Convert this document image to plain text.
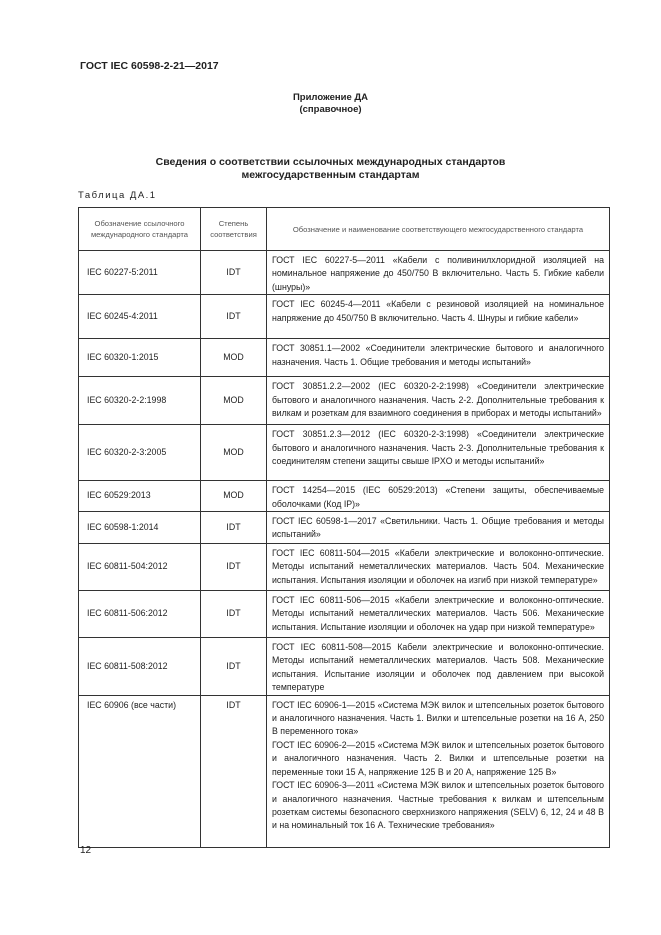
ГОСТ IEC 60598-2-21—2017
Приложение ДА
(справочное)
Сведения о соответствии ссылочных международных стандартов
межгосударственным стандартам
Таблица ДА.1
Обозначение ссылочного международного стандарта	Степень соответствия	Обозначение и наименование соответствующего межгосударственного стандарта
IEC 60227-5:2011	IDT	ГОСТ IEC 60227-5—2011 «Кабели с поливинилхлоридной изоляцией на номинальное напряжение до 450/750 В включительно. Часть 5. Гибкие кабели (шнуры)»
IEC 60245-4:2011	IDT	ГОСТ IEC 60245-4—2011 «Кабели с резиновой изоляцией на номинальное напряжение до 450/750 В включительно. Часть 4. Шнуры и гибкие кабели»
IEC 60320-1:2015	MOD	ГОСТ 30851.1—2002 «Соединители электрические бытового и аналогичного назначения. Часть 1. Общие требования и методы испытаний»
IEC 60320-2-2:1998	MOD	ГОСТ 30851.2.2—2002 (IEC 60320-2-2:1998) «Соединители электрические бытового и аналогичного назначения. Часть 2-2. Дополнительные требования к вилкам и розеткам для взаимного соединения в приборах и методы испытаний»
IEC 60320-2-3:2005	MOD	ГОСТ 30851.2.3—2012 (IEC 60320-2-3:1998) «Соединители электрические бытового и аналогичного назначения. Часть 2-3. Дополнительные требования к соединителям степени защиты свыше IPXO и методы испытаний»
IEC 60529:2013	MOD	ГОСТ 14254—2015 (IEC 60529:2013) «Степени защиты, обеспечиваемые оболочками (Код IP)»
IEC 60598-1:2014	IDT	ГОСТ IEC 60598-1—2017 «Светильники. Часть 1. Общие требования и методы испытаний»
IEC 60811-504:2012	IDT	ГОСТ IEC 60811-504—2015 «Кабели электрические и волоконно-оптические. Методы испытаний неметаллических материалов. Часть 504. Механические испытания. Испытания изоляции и оболочек на изгиб при низкой температуре»
IEC 60811-506:2012	IDT	ГОСТ IEC 60811-506—2015 «Кабели электрические и волоконно-оптические. Методы испытаний неметаллических материалов. Часть 506. Механические испытания. Испытание изоляции и оболочек на удар при низкой температуре»
IEC 60811-508:2012	IDT	ГОСТ IEC 60811-508—2015 Кабели электрические и волоконно-оптические. Методы испытаний неметаллических материалов. Часть 508. Механические испытания. Испытание изоляции и оболочек под давлением при высокой температуре
IEC 60906 (все части)	IDT	ГОСТ IEC 60906-1—2015 «Система МЭК вилок и штепсельных розеток бытового и аналогичного назначения. Часть 1. Вилки и штепсельные розетки на 16 А, 250 В переменного тока»
ГОСТ IEC 60906-2—2015 «Система МЭК вилок и штепсельных розеток бытового и аналогичного назначения. Часть 2. Вилки и штепсельные розетки на переменные токи 15 А, напряжение 125 В и 20 А, напряжение 125 В»
ГОСТ IEC 60906-3—2011 «Система МЭК вилок и штепсельных розеток бытового и аналогичного назначения. Частные требования к вилкам и штепсельным розеткам системы безопасного сверхнизкого напряжения (SELV) 6, 12, 24 и 48 В и на номинальный ток 16 А. Технические требования»
12
